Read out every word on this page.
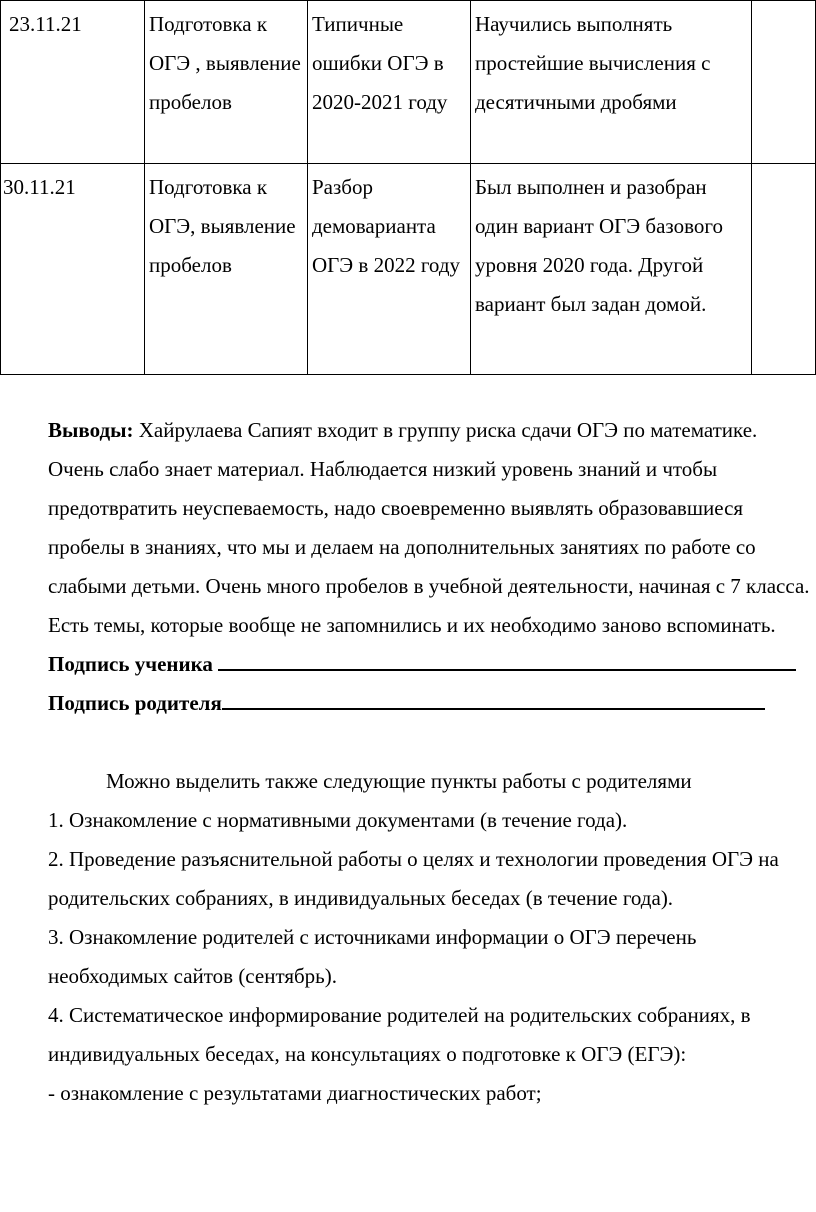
23.11.21	Подготовка к ОГЭ , выявление пробелов	Типичные ошибки ОГЭ в 2020-2021 году	Научились выполнять простейшие вычисления с десятичными дробями	
30.11.21	Подготовка к ОГЭ, выявление пробелов	Разбор демоварианта ОГЭ в 2022 году	Был выполнен и разобран один вариант ОГЭ базового уровня 2020 года. Другой вариант был задан домой.	

Выводы: Хайрулаева Сапият входит в группу риска сдачи ОГЭ по математике. Очень слабо знает материал. Наблюдается низкий уровень знаний и чтобы предотвратить неуспеваемость, надо своевременно выявлять образовавшиеся пробелы в знаниях, что мы и делаем на дополнительных занятиях по работе со слабыми детьми. Очень много пробелов в учебной деятельности, начиная с 7 класса. Есть темы, которые вообще не запомнились и их необходимо заново вспоминать.

Подпись ученика

Подпись родителя

Можно выделить также следующие пункты работы с родителями

1. Ознакомление с нормативными документами (в течение года).

2. Проведение разъяснительной работы о целях и технологии проведения ОГЭ на родительских собраниях, в индивидуальных беседах (в течение года).

3. Ознакомление родителей с источниками информации о ОГЭ перечень необходимых сайтов (сентябрь).

4. Систематическое информирование родителей на родительских собраниях, в индивидуальных беседах, на консультациях о подготовке к ОГЭ (ЕГЭ):

- ознакомление с результатами диагностических работ;
